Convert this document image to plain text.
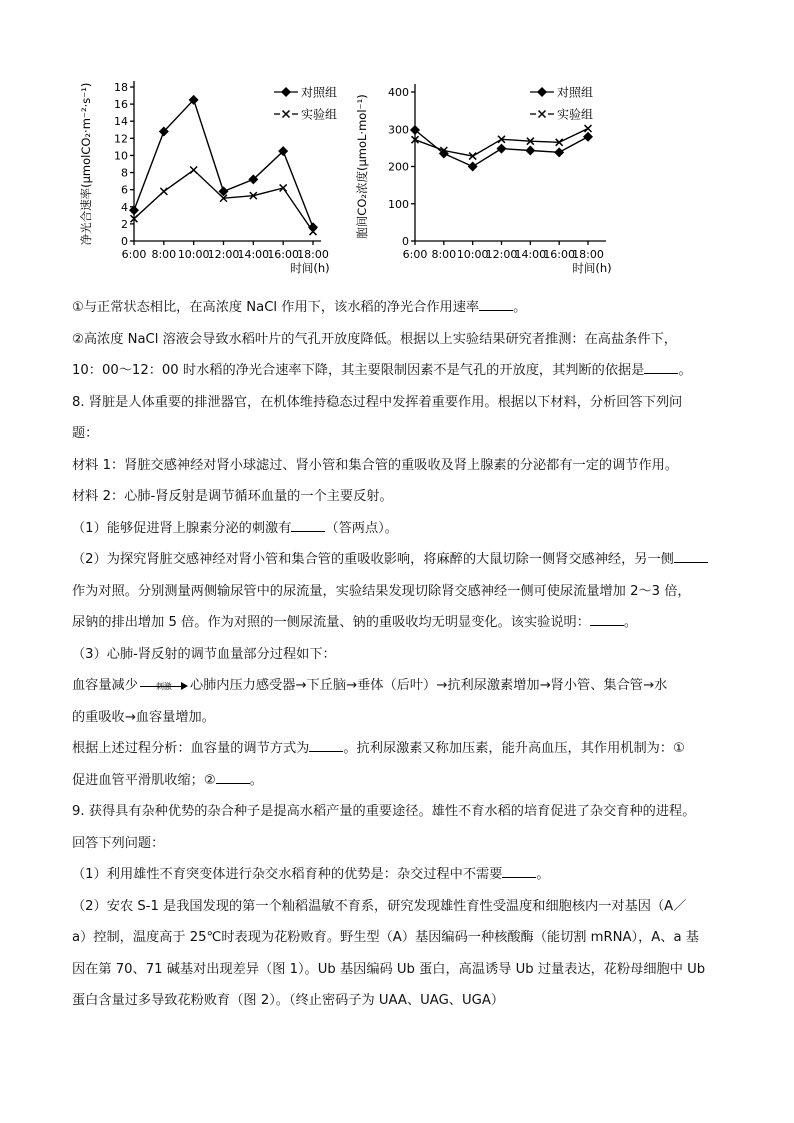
0
2
4
6
8
10
12
14
16
18
6:00 8:00 10:00
12:00
14:00
16:00
18:00
时间(h)
净光合速率(μmolCO₂·m⁻²·s⁻¹)	对照组
实验组
0
100
200
300
400
6:00 8:00 10:00
12:00
14:00
16:00
18:00
时间(h)
胞间CO₂浓度(μmoL·mol⁻¹)
对照组
实验组

①与正常状态相比，在高浓度 NaCl 作用下，该水稻的净光合作用速率	。

②高浓度 NaCl 溶液会导致水稻叶片的气孔开放度降低。根据以上实验结果研究者推测：在高盐条件下，

10：00～12：00 时水稻的净光合速率下降，其主要限制因素不是气孔的开放度，其判断的依据是	。

8. 肾脏是人体重要的排泄器官，在机体维持稳态过程中发挥着重要作用。根据以下材料，分析回答下列问

题：

材料 1：肾脏交感神经对肾小球滤过、肾小管和集合管的重吸收及肾上腺素的分泌都有一定的调节作用。

材料 2：心肺-肾反射是调节循环血量的一个主要反射。

（1）能够促进肾上腺素分泌的刺激有	（答两点）。

（2）为探究肾脏交感神经对肾小管和集合管的重吸收影响，将麻醉的大鼠切除一侧肾交感神经，另一侧

作为对照。分别测量两侧输尿管中的尿流量，实验结果发现切除肾交感神经一侧可使尿流量增加 2～3 倍，

尿钠的排出增加 5 倍。作为对照的一侧尿流量、钠的重吸收均无明显变化。该实验说明：	。

（3）心肺-肾反射的调节血量部分过程如下：

血容量减少	刺激	心肺内压力感受器→下丘脑→垂体（后叶）→抗利尿激素增加→肾小管、集合管→水

的重吸收→血容量增加。

根据上述过程分析：血容量的调节方式为	。抗利尿激素又称加压素，能升高血压，其作用机制为：①

促进血管平滑肌收缩；②	。

9. 获得具有杂种优势的杂合种子是提高水稻产量的重要途径。雄性不育水稻的培育促进了杂交育种的进程。

回答下列问题：

（1）利用雄性不育突变体进行杂交水稻育种的优势是：杂交过程中不需要	。

（2）安农 S-1 是我国发现的第一个籼稻温敏不育系，研究发现雄性育性受温度和细胞核内一对基因（A／

a）控制，温度高于 25℃时表现为花粉败育。野生型（A）基因编码一种核酸酶（能切割 mRNA），A、a 基

因在第 70、71 碱基对出现差异（图 1）。Ub 基因编码 Ub 蛋白，高温诱导 Ub 过量表达，花粉母细胞中 Ub

蛋白含量过多导致花粉败育（图 2）。（终止密码子为 UAA、UAG、UGA）
